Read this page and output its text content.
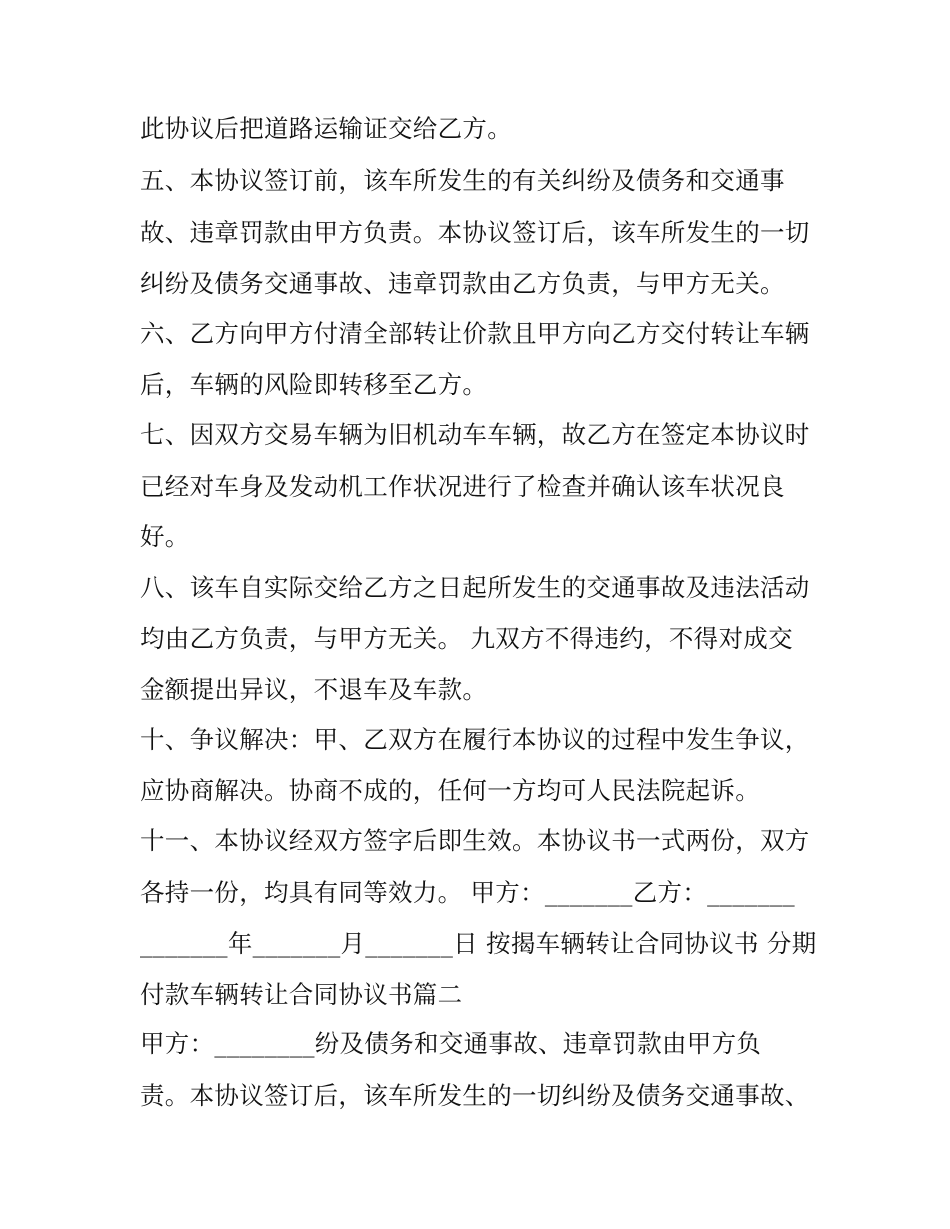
此协议后把道路运输证交给乙方。
五、本协议签订前，该车所发生的有关纠纷及债务和交通事
故、违章罚款由甲方负责。本协议签订后，该车所发生的一切
纠纷及债务交通事故、违章罚款由乙方负责，与甲方无关。
六、乙方向甲方付清全部转让价款且甲方向乙方交付转让车辆
后，车辆的风险即转移至乙方。
七、因双方交易车辆为旧机动车车辆，故乙方在签定本协议时
已经对车身及发动机工作状况进行了检查并确认该车状况良
好。
八、该车自实际交给乙方之日起所发生的交通事故及违法活动
均由乙方负责，与甲方无关。 九双方不得违约，不得对成交
金额提出异议，不退车及车款。
十、争议解决：甲、乙双方在履行本协议的过程中发生争议，
应协商解决。协商不成的，任何一方均可人民法院起诉。
十一、本协议经双方签字后即生效。本协议书一式两份，双方
各持一份，均具有同等效力。 甲方：_______乙方：_______
_______年_______月_______日 按揭车辆转让合同协议书 分期
付款车辆转让合同协议书篇二
甲方：________纷及债务和交通事故、违章罚款由甲方负
责。本协议签订后，该车所发生的一切纠纷及债务交通事故、
